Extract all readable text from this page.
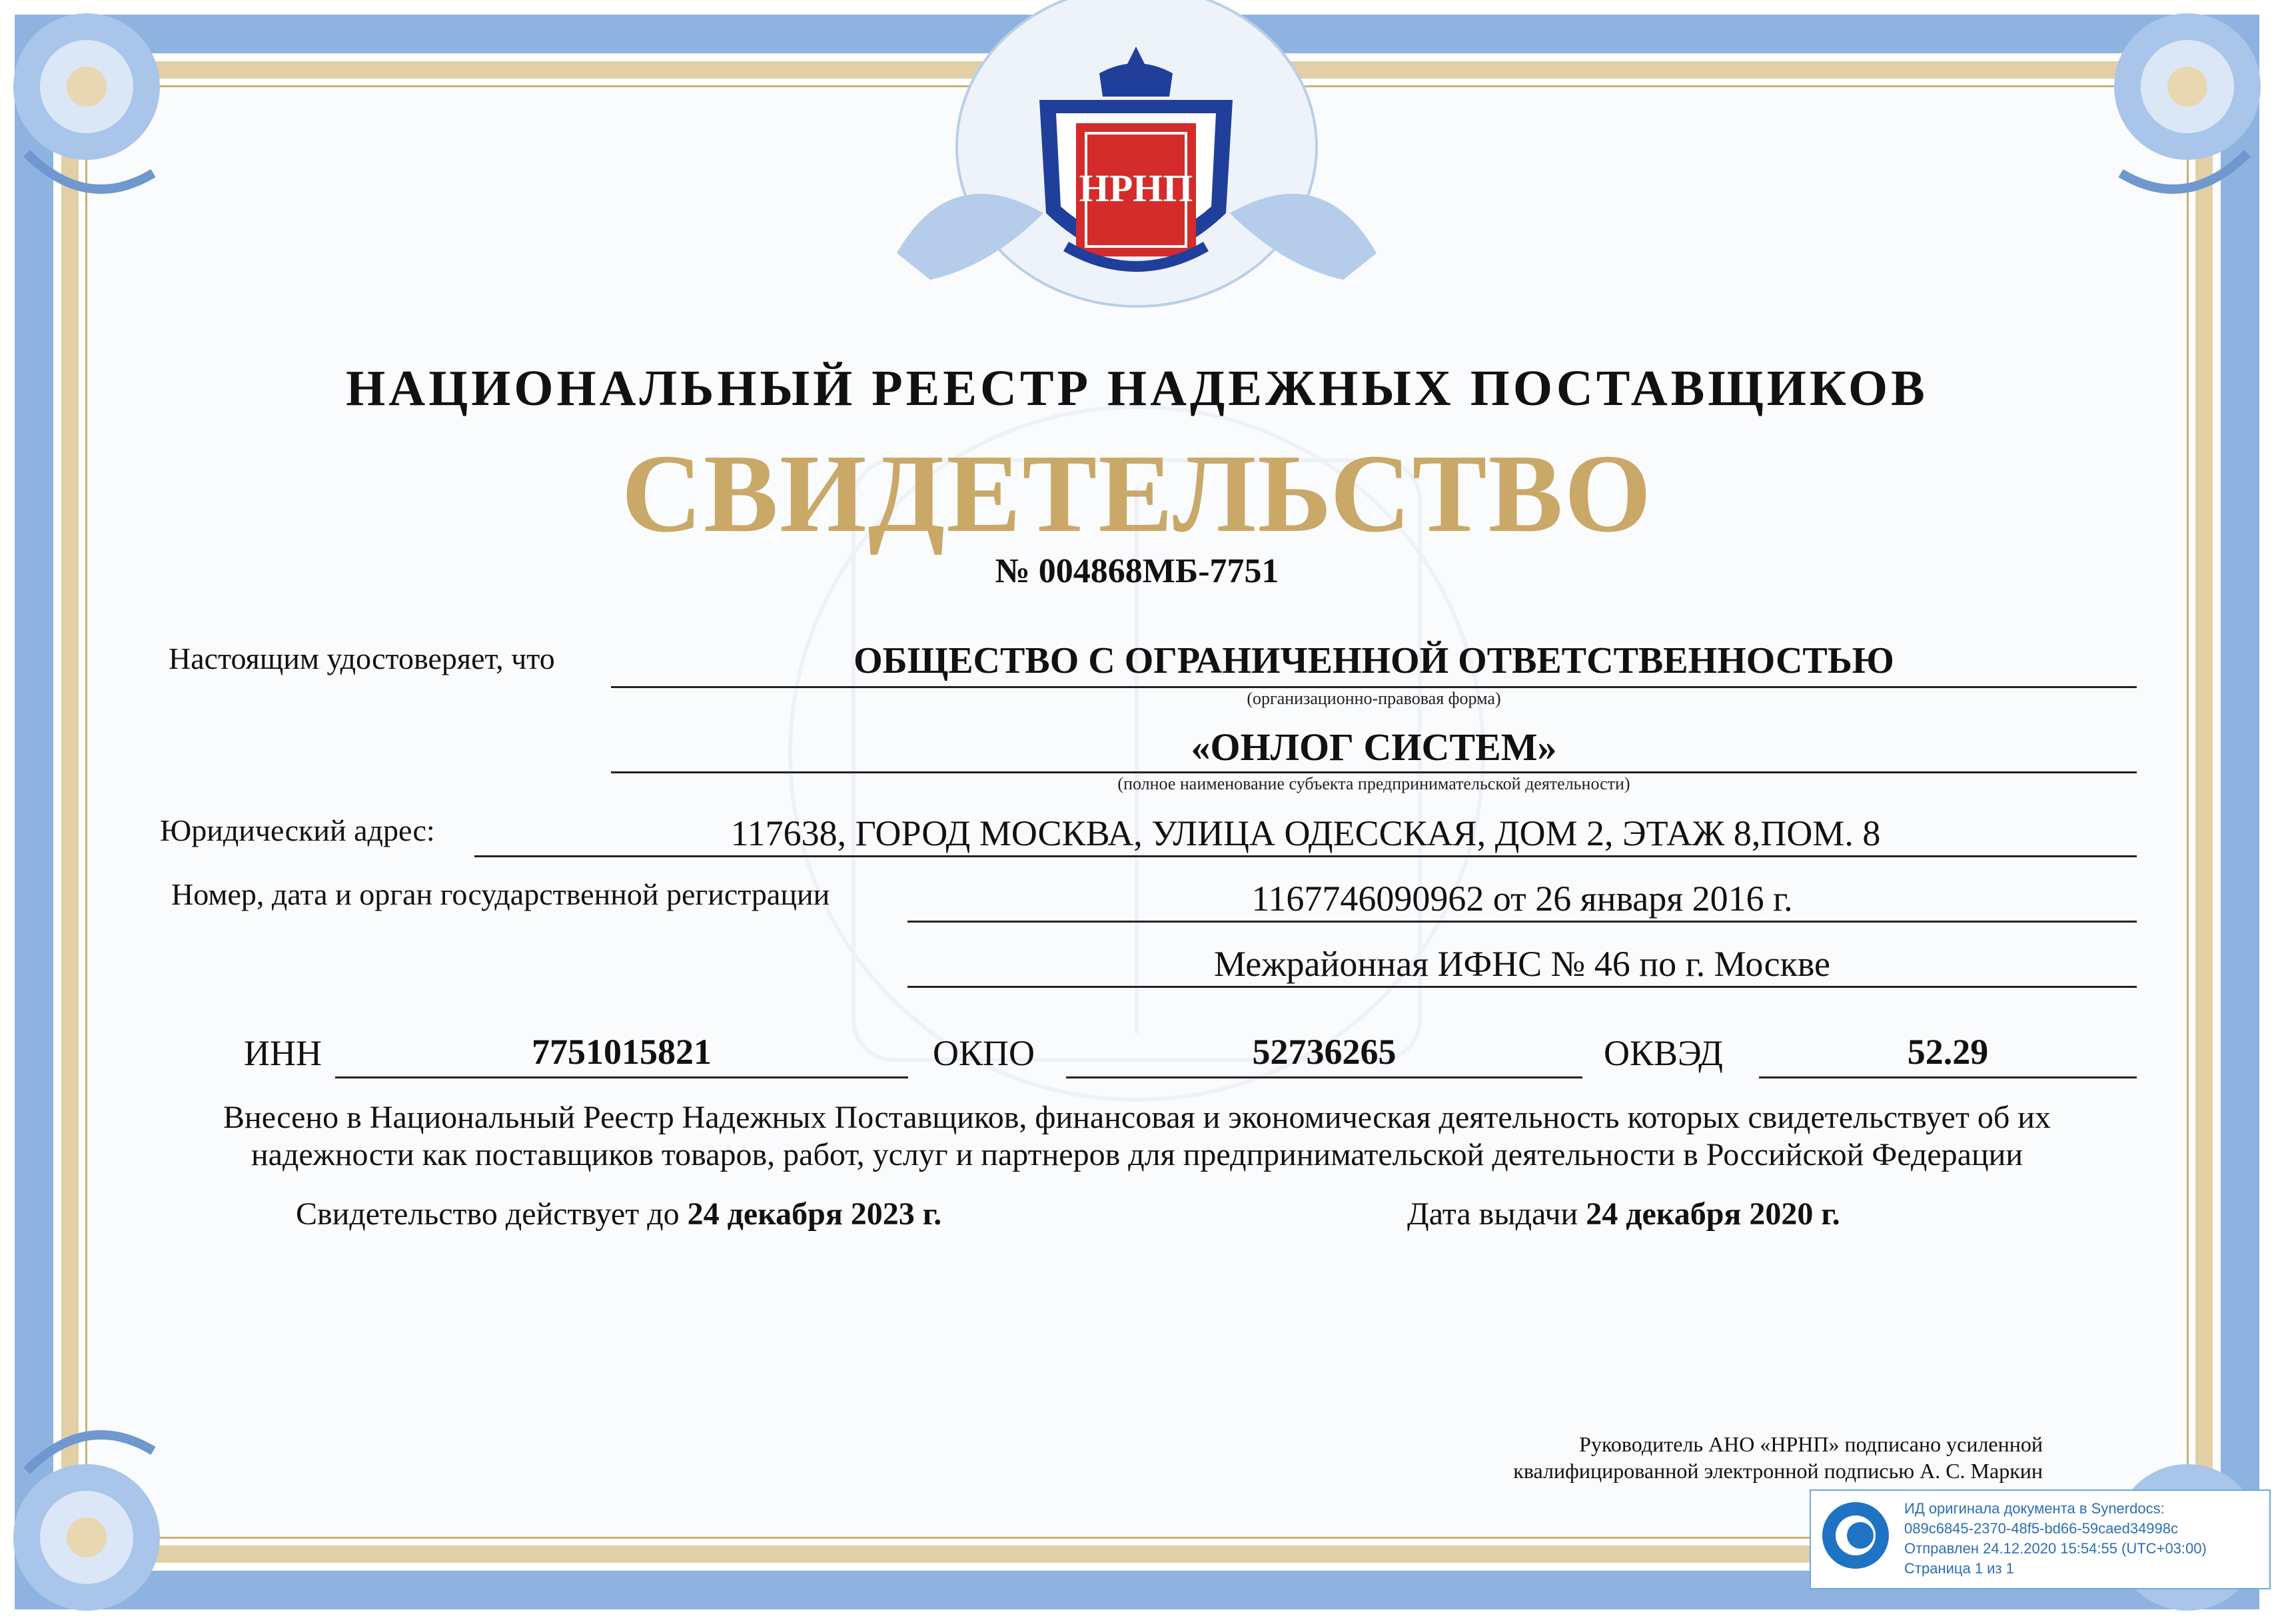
НРНП
НАЦИОНАЛЬНЫЙ РЕЕСТР НАДЕЖНЫХ ПОСТАВЩИКОВ
СВИДЕТЕЛЬСТВО
№ 004868МБ-7751
Настоящим удостоверяет, что	ОБЩЕСТВО С ОГРАНИЧЕННОЙ ОТВЕТСТВЕННОСТЬЮ
(организационно-правовая форма)
«ОНЛОГ СИСТЕМ»
(полное наименование субъекта предпринимательской деятельности)
Юридический адрес:	117638, ГОРОД МОСКВА, УЛИЦА ОДЕССКАЯ, ДОМ 2, ЭТАЖ 8,ПОМ. 8
Номер, дата и орган государственной регистрации	1167746090962 от 26 января 2016 г.
Межрайонная ИФНС № 46 по г. Москве
ИНН	7751015821	ОКПО	52736265	ОКВЭД	52.29
Внесено в Национальный Реестр Надежных Поставщиков, финансовая и экономическая деятельность которых свидетельствует об их
надежности как поставщиков товаров, работ, услуг и партнеров для предпринимательской деятельности в Российской Федерации
Свидетельство действует до 24 декабря 2023 г.	Дата выдачи 24 декабря 2020 г.
Руководитель АНО «НРНП» подписано усиленной
квалифицированной электронной подписью А. С. Маркин
ИД оригинала документа в Synerdocs:
089c6845-2370-48f5-bd66-59caed34998c
Отправлен 24.12.2020 15:54:55 (UTC+03:00)
Страница 1 из 1
